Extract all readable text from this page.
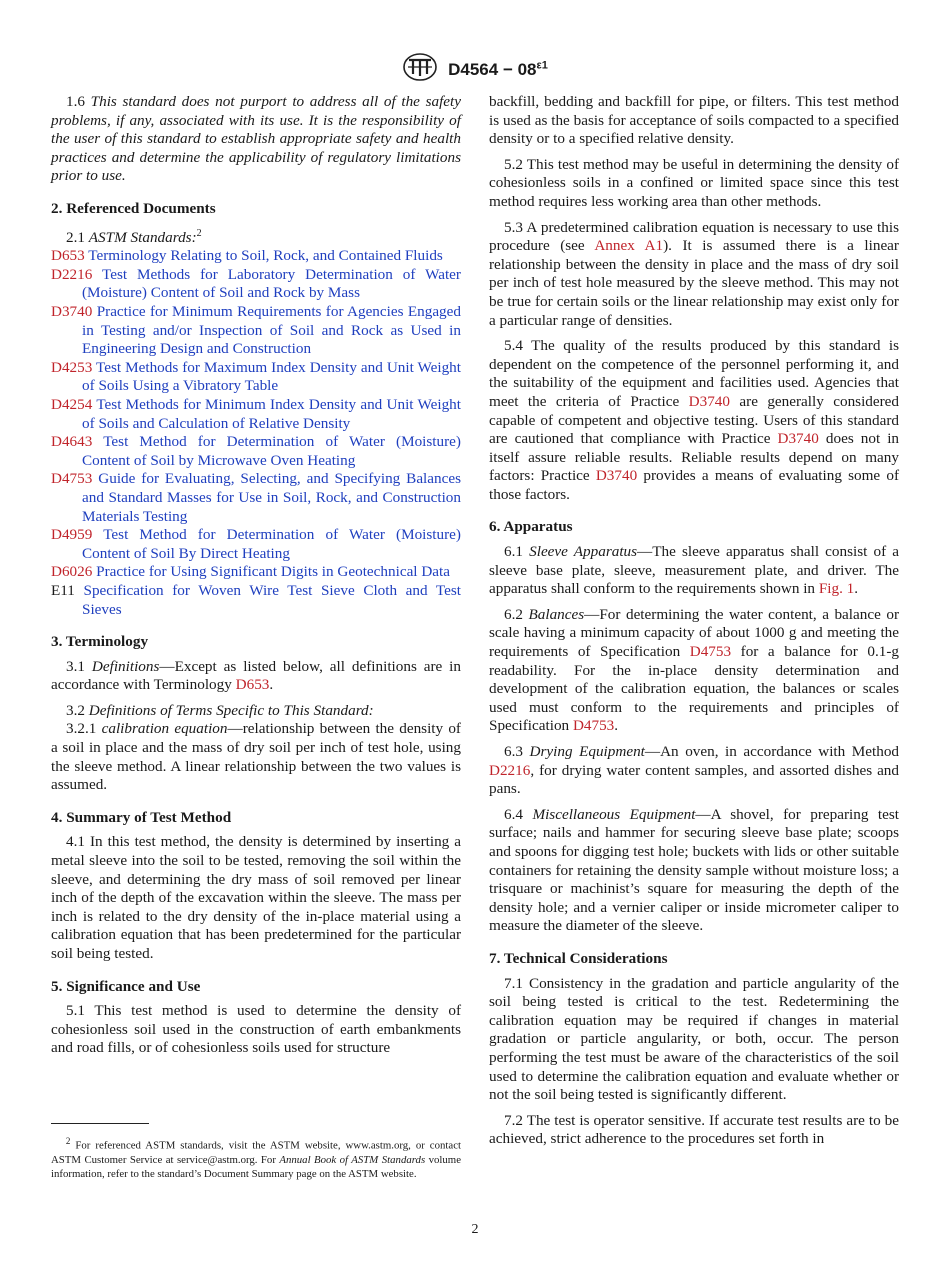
$D4564 - 08^{\varepsilon 1}$

1.6 This standard does not purport to address all of the safety problems, if any, associated with its use. It is the responsibility of the user of this standard to establish appropriate safety and health practices and determine the applicability of regulatory limitations prior to use.

2. Referenced Documents

2.1 ASTM Standards:$^2$

D653 Terminology Relating to Soil, Rock, and Contained Fluids

D2216 Test Methods for Laboratory Determination of Water (Moisture) Content of Soil and Rock by Mass

D3740 Practice for Minimum Requirements for Agencies Engaged in Testing and/or Inspection of Soil and Rock as Used in Engineering Design and Construction

D4253 Test Methods for Maximum Index Density and Unit Weight of Soils Using a Vibratory Table

D4254 Test Methods for Minimum Index Density and Unit Weight of Soils and Calculation of Relative Density

D4643 Test Method for Determination of Water (Moisture) Content of Soil by Microwave Oven Heating

D4753 Guide for Evaluating, Selecting, and Specifying Balances and Standard Masses for Use in Soil, Rock, and Construction Materials Testing

D4959 Test Method for Determination of Water (Moisture) Content of Soil By Direct Heating

D6026 Practice for Using Significant Digits in Geotechnical Data

E11 Specification for Woven Wire Test Sieve Cloth and Test Sieves

3. Terminology

3.1 Definitions—Except as listed below, all definitions are in accordance with Terminology D653.

3.2 Definitions of Terms Specific to This Standard:

3.2.1 calibration equation—relationship between the density of a soil in place and the mass of dry soil per inch of test hole, using the sleeve method. A linear relationship between the two values is assumed.

4. Summary of Test Method

4.1 In this test method, the density is determined by inserting a metal sleeve into the soil to be tested, removing the soil within the sleeve, and determining the dry mass of soil removed per linear inch of the depth of the excavation within the sleeve. The mass per inch is related to the dry density of the in-place material using a calibration equation that has been predetermined for the particular soil being tested.

5. Significance and Use

5.1 This test method is used to determine the density of cohesionless soil used in the construction of earth embankments and road fills, or of cohesionless soils used for structure

backfill, bedding and backfill for pipe, or filters. This test method is used as the basis for acceptance of soils compacted to a specified density or to a specified relative density.

5.2 This test method may be useful in determining the density of cohesionless soils in a confined or limited space since this test method requires less working area than other methods.

5.3 A predetermined calibration equation is necessary to use this procedure (see Annex A1). It is assumed there is a linear relationship between the density in place and the mass of dry soil per inch of test hole measured by the sleeve method. This may not be true for certain soils or the linear relationship may exist only for a particular range of densities.

5.4 The quality of the results produced by this standard is dependent on the competence of the personnel performing it, and the suitability of the equipment and facilities used. Agencies that meet the criteria of Practice D3740 are generally considered capable of competent and objective testing. Users of this standard are cautioned that compliance with Practice D3740 does not in itself assure reliable results. Reliable results depend on many factors: Practice D3740 provides a means of evaluating some of those factors.

6. Apparatus

6.1 Sleeve Apparatus—The sleeve apparatus shall consist of a sleeve base plate, sleeve, measurement plate, and driver. The apparatus shall conform to the requirements shown in Fig. 1.

6.2 Balances—For determining the water content, a balance or scale having a minimum capacity of about 1000 g and meeting the requirements of Specification D4753 for a balance for 0.1-g readability. For the in-place density determination and development of the calibration equation, the balances or scales used must conform to the requirements and principles of Specification D4753.

6.3 Drying Equipment—An oven, in accordance with Method D2216, for drying water content samples, and assorted dishes and pans.

6.4 Miscellaneous Equipment—A shovel, for preparing test surface; nails and hammer for securing sleeve base plate; scoops and spoons for digging test hole; buckets with lids or other suitable containers for retaining the density sample without moisture loss; a trisquare or machinist’s square for measuring the depth of the density hole; and a vernier caliper or inside micrometer caliper to measure the diameter of the sleeve.

7. Technical Considerations

7.1 Consistency in the gradation and particle angularity of the soil being tested is critical to the test. Redetermining the calibration equation may be required if changes in material gradation or particle angularity, or both, occur. The person performing the test must be aware of the characteristics of the soil used to determine the calibration equation and evaluate whether or not the soil being tested is significantly different.

7.2 The test is operator sensitive. If accurate test results are to be achieved, strict adherence to the procedures set forth in

$^2$ For referenced ASTM standards, visit the ASTM website, www.astm.org, or contact ASTM Customer Service at service@astm.org. For Annual Book of ASTM Standards volume information, refer to the standard’s Document Summary page on the ASTM website.
2
